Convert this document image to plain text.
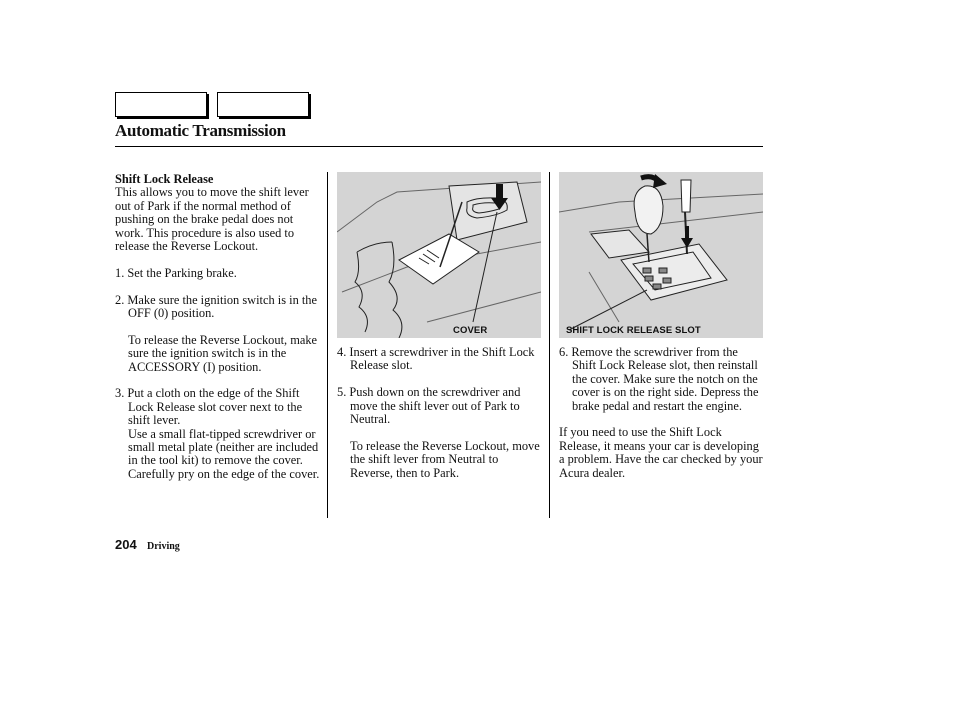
Automatic Transmission

Shift Lock Release

This allows you to move the shift lever out of Park if the normal method of pushing on the brake pedal does not work. This procedure is also used to release the Reverse Lockout.

1. Set the Parking brake.

2. Make sure the ignition switch is in the OFF (0) position.

To release the Reverse Lockout, make sure the ignition switch is in the ACCESSORY (I) position.

3. Put a cloth on the edge of the Shift Lock Release slot cover next to the shift lever.

Use a small flat-tipped screwdriver or small metal plate (neither are included in the tool kit) to remove the cover. Carefully pry on the edge of the cover.

COVER

4. Insert a screwdriver in the Shift Lock Release slot.

5. Push down on the screwdriver and move the shift lever out of Park to Neutral.

To release the Reverse Lockout, move the shift lever from Neutral to Reverse, then to Park.

SHIFT LOCK RELEASE SLOT

6. Remove the screwdriver from the Shift Lock Release slot, then reinstall the cover. Make sure the notch on the cover is on the right side. Depress the brake pedal and restart the engine.

If you need to use the Shift Lock Release, it means your car is developing a problem. Have the car checked by your Acura dealer.

204 Driving
